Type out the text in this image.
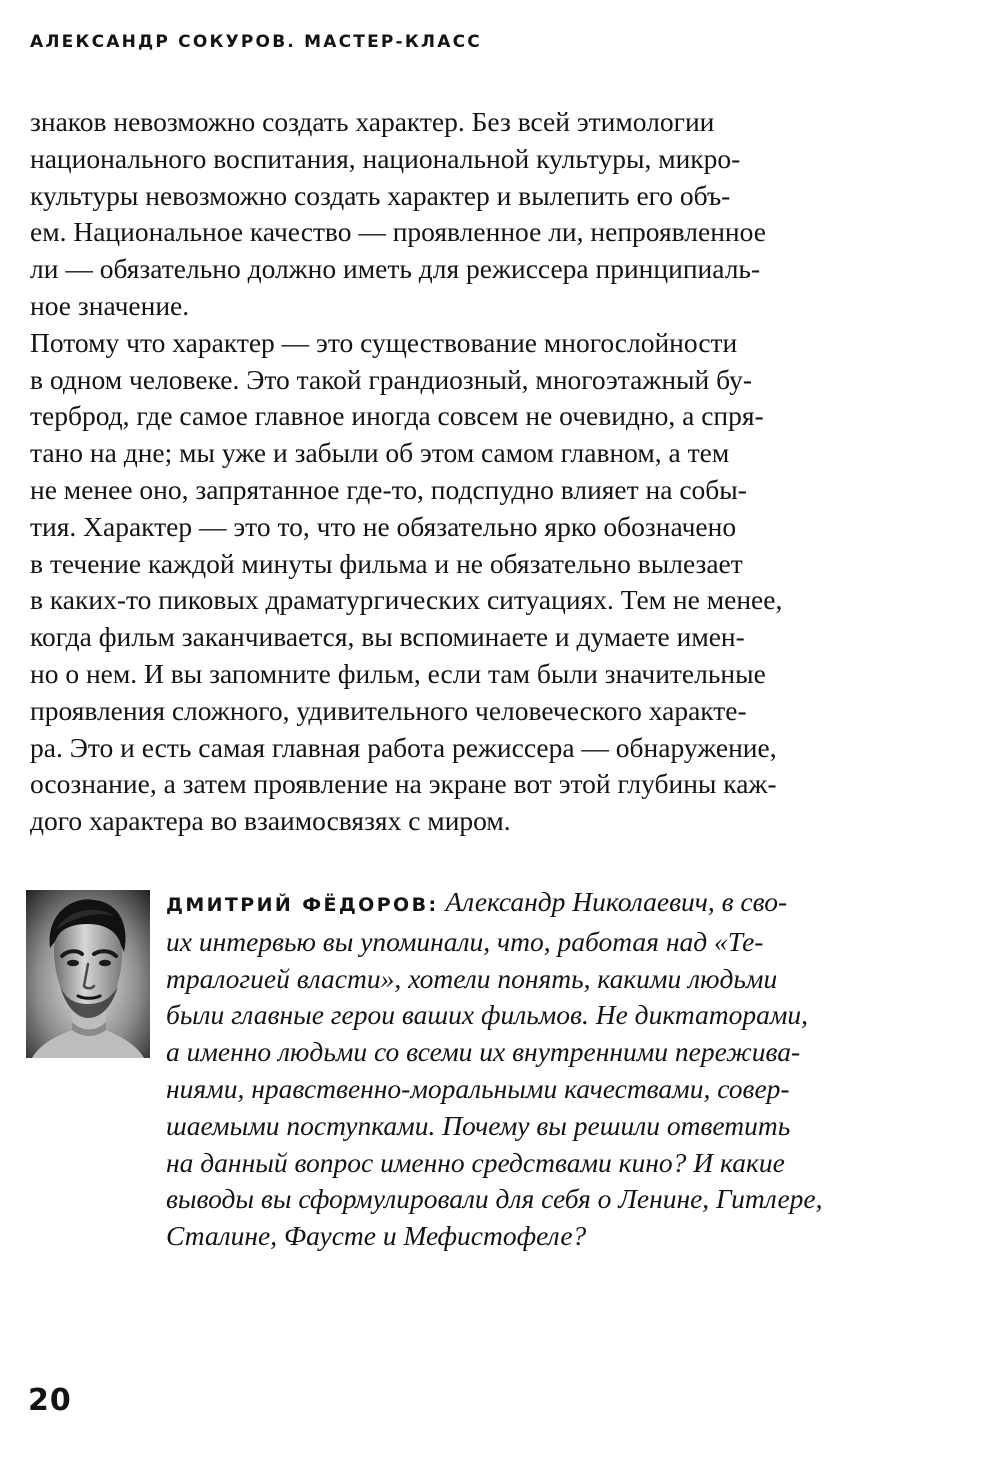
АЛЕКСАНДР СОКУРОВ. МАСТЕР-КЛАСС
знаков невозможно создать характер. Без всей этимологии
национального воспитания, национальной культуры, микро-
культуры невозможно создать характер и вылепить его объ-
ем. Национальное качество — проявленное ли, непроявленное
ли — обязательно должно иметь для режиссера принципиаль-
ное значение.
Потому что характер — это существование многослойности
в одном человеке. Это такой грандиозный, многоэтажный бу-
терброд, где самое главное иногда совсем не очевидно, а спря-
тано на дне; мы уже и забыли об этом самом главном, а тем
не менее оно, запрятанное где-то, подспудно влияет на собы-
тия. Характер — это то, что не обязательно ярко обозначено
в течение каждой минуты фильма и не обязательно вылезает
в каких-то пиковых драматургических ситуациях. Тем не менее,
когда фильм заканчивается, вы вспоминаете и думаете имен-
но о нем. И вы запомните фильм, если там были значительные
проявления сложного, удивительного человеческого характе-
ра. Это и есть самая главная работа режиссера — обнаружение,
осознание, а затем проявление на экране вот этой глубины каж-
дого характера во взаимосвязях с миром.
ДМИТРИЙ ФЁДОРОВ: Александр Николаевич, в сво-
их интервью вы упоминали, что, работая над «Те-
тралогией власти», хотели понять, какими людьми
были главные герои ваших фильмов. Не диктаторами,
а именно людьми со всеми их внутренними пережива-
ниями, нравственно-моральными качествами, совер-
шаемыми поступками. Почему вы решили ответить
на данный вопрос именно средствами кино? И какие
выводы вы сформулировали для себя о Ленине, Гитлере,
Сталине, Фаусте и Мефистофеле?
20
